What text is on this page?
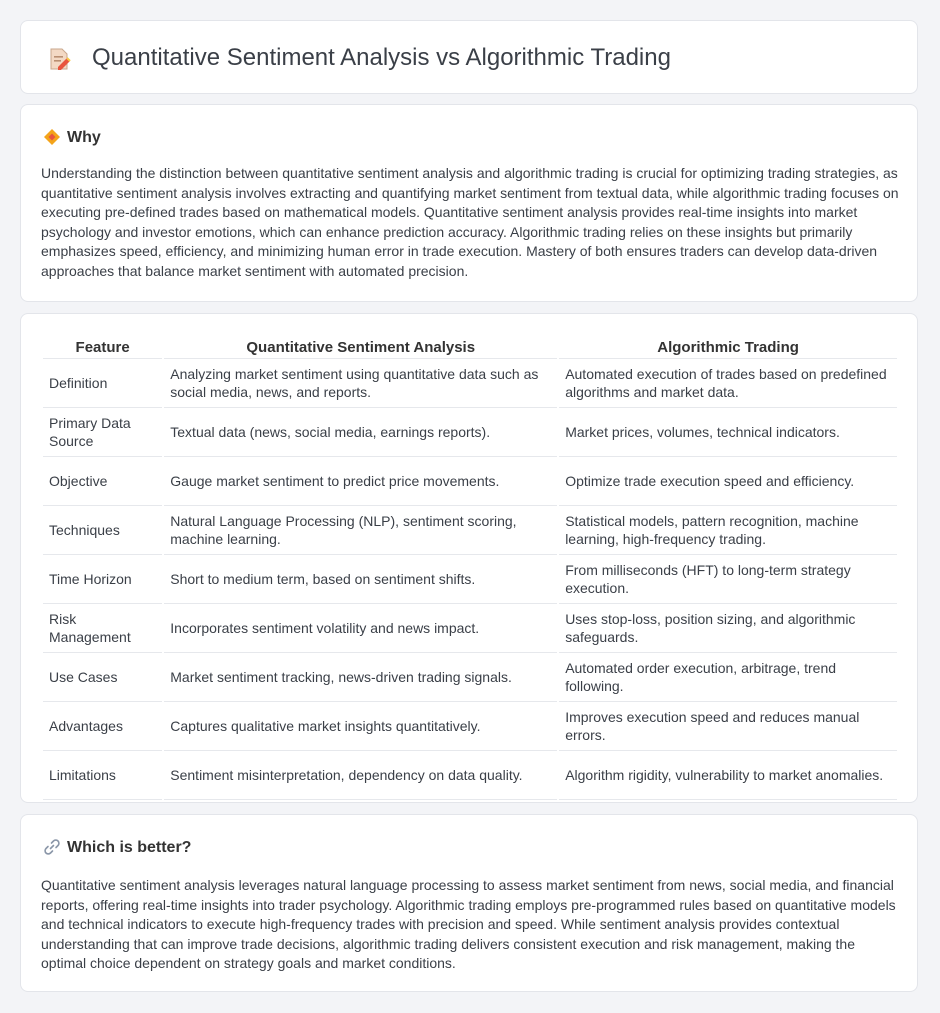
Quantitative Sentiment Analysis vs Algorithmic Trading
Why

Understanding the distinction between quantitative sentiment analysis and algorithmic trading is crucial for optimizing trading strategies, as quantitative sentiment analysis involves extracting and quantifying market sentiment from textual data, while algorithmic trading focuses on executing pre-defined trades based on mathematical models. Quantitative sentiment analysis provides real-time insights into market psychology and investor emotions, which can enhance prediction accuracy. Algorithmic trading relies on these insights but primarily emphasizes speed, efficiency, and minimizing human error in trade execution. Mastery of both ensures traders can develop data-driven approaches that balance market sentiment with automated precision.

Feature	Quantitative Sentiment Analysis	Algorithmic Trading
Definition	Analyzing market sentiment using quantitative data such as social media, news, and reports.	Automated execution of trades based on predefined algorithms and market data.
Primary Data Source	Textual data (news, social media, earnings reports).	Market prices, volumes, technical indicators.
Objective	Gauge market sentiment to predict price movements.	Optimize trade execution speed and efficiency.
Techniques	Natural Language Processing (NLP), sentiment scoring, machine learning.	Statistical models, pattern recognition, machine learning, high-frequency trading.
Time Horizon	Short to medium term, based on sentiment shifts.	From milliseconds (HFT) to long-term strategy execution.
Risk Management	Incorporates sentiment volatility and news impact.	Uses stop-loss, position sizing, and algorithmic safeguards.
Use Cases	Market sentiment tracking, news-driven trading signals.	Automated order execution, arbitrage, trend following.
Advantages	Captures qualitative market insights quantitatively.	Improves execution speed and reduces manual errors.
Limitations	Sentiment misinterpretation, dependency on data quality.	Algorithm rigidity, vulnerability to market anomalies.
Which is better?

Quantitative sentiment analysis leverages natural language processing to assess market sentiment from news, social media, and financial reports, offering real-time insights into trader psychology. Algorithmic trading employs pre-programmed rules based on quantitative models and technical indicators to execute high-frequency trades with precision and speed. While sentiment analysis provides contextual understanding that can improve trade decisions, algorithmic trading delivers consistent execution and risk management, making the optimal choice dependent on strategy goals and market conditions.
